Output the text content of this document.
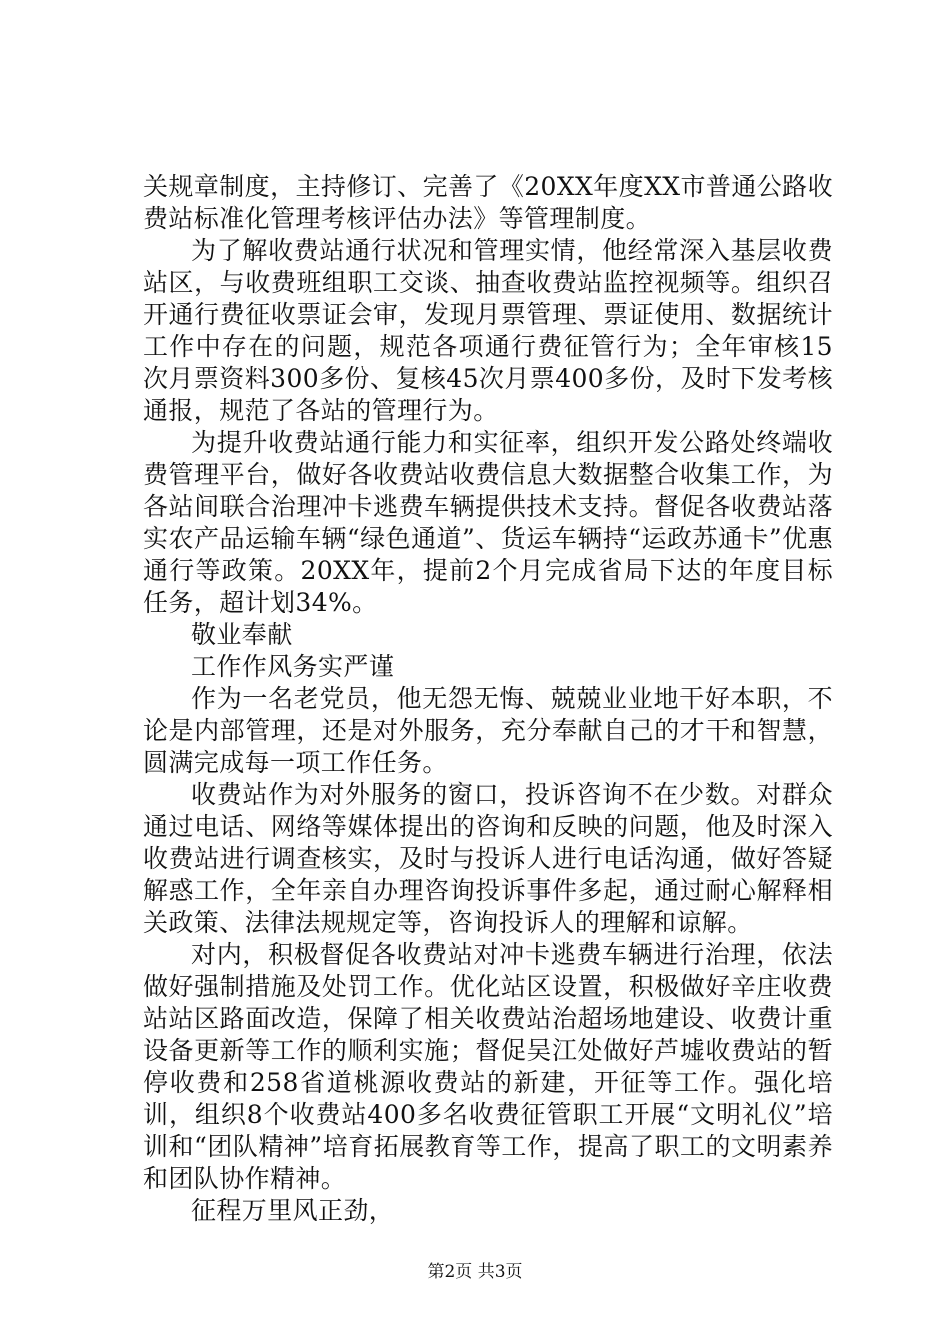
关规章制度，主持修订、完善了《20XX年度XX市普通公路收费站标准化管理考核评估办法》等管理制度。

为了解收费站通行状况和管理实情，他经常深入基层收费站区，与收费班组职工交谈、抽查收费站监控视频等。组织召开通行费征收票证会审，发现月票管理、票证使用、数据统计工作中存在的问题，规范各项通行费征管行为；全年审核15次月票资料300多份、复核45次月票400多份，及时下发考核通报，规范了各站的管理行为。

为提升收费站通行能力和实征率，组织开发公路处终端收费管理平台，做好各收费站收费信息大数据整合收集工作，为各站间联合治理冲卡逃费车辆提供技术支持。督促各收费站落实农产品运输车辆“绿色通道”、货运车辆持“运政苏通卡”优惠通行等政策。20XX年，提前2个月完成省局下达的年度目标任务，超计划34%。

敬业奉献

工作作风务实严谨

作为一名老党员，他无怨无悔、兢兢业业地干好本职，不论是内部管理，还是对外服务，充分奉献自己的才干和智慧，圆满完成每一项工作任务。

收费站作为对外服务的窗口，投诉咨询不在少数。对群众通过电话、网络等媒体提出的咨询和反映的问题，他及时深入收费站进行调查核实，及时与投诉人进行电话沟通，做好答疑解惑工作，全年亲自办理咨询投诉事件多起，通过耐心解释相关政策、法律法规规定等，咨询投诉人的理解和谅解。

对内，积极督促各收费站对冲卡逃费车辆进行治理，依法做好强制措施及处罚工作。优化站区设置，积极做好辛庄收费站站区路面改造，保障了相关收费站治超场地建设、收费计重设备更新等工作的顺利实施；督促吴江处做好芦墟收费站的暂停收费和258省道桃源收费站的新建，开征等工作。强化培训，组织8个收费站400多名收费征管职工开展“文明礼仪”培训和“团队精神”培育拓展教育等工作，提高了职工的文明素养和团队协作精神。

征程万里风正劲，

第2页 共3页
